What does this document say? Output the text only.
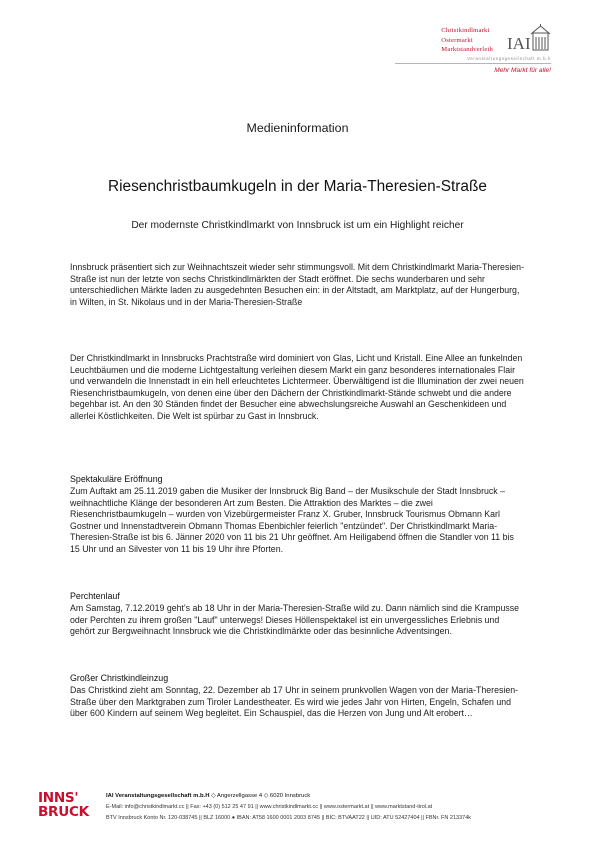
Christkindlmarkt
Ostermarkt
Marktstandverleih
Veranstaltungsgesellschaft m.b.h
IAI
Mehr Markt für alle!
Medieninformation
Riesenchristbaumkugeln in der Maria-Theresien-Straße
Der modernste Christkindlmarkt von Innsbruck ist um ein Highlight reicher

Innsbruck präsentiert sich zur Weihnachtszeit wieder sehr stimmungsvoll. Mit dem Christkindlmarkt Maria-Theresien-Straße ist nun der letzte von sechs Christkindlmärkten der Stadt eröffnet. Die sechs wunderbaren und sehr unterschiedlichen Märkte laden zu ausgedehnten Besuchen ein: in der Altstadt, am Marktplatz, auf der Hungerburg, in Wilten, in St. Nikolaus und in der Maria-Theresien-Straße

Der Christkindlmarkt in Innsbrucks Prachtstraße wird dominiert von Glas, Licht und Kristall. Eine Allee an funkelnden Leuchtbäumen und die moderne Lichtgestaltung verleihen diesem Markt ein ganz besonderes internationales Flair und verwandeln die Innenstadt in ein hell erleuchtetes Lichtermeer. Überwältigend ist die Illumination der zwei neuen Riesenchristbaumkugeln, von denen eine über den Dächern der Christkindlmarkt-Stände schwebt und die andere begehbar ist. An den 30 Ständen findet der Besucher eine abwechslungsreiche Auswahl an Geschenkideen und allerlei Köstlichkeiten. Die Welt ist spürbar zu Gast in Innsbruck.

Spektakuläre Eröffnung

Zum Auftakt am 25.11.2019 gaben die Musiker der Innsbruck Big Band – der Musikschule der Stadt Innsbruck – weihnachtliche Klänge der besonderen Art zum Besten. Die Attraktion des Marktes – die zwei Riesenchristbaumkugeln – wurden von Vizebürgermeister Franz X. Gruber, Innsbruck Tourismus Obmann Karl Gostner und Innenstadtverein Obmann Thomas Ebenbichler feierlich "entzündet". Der Christkindlmarkt Maria-Theresien-Straße ist bis 6. Jänner 2020 von 11 bis 21 Uhr geöffnet. Am Heiligabend öffnen die Standler von 11 bis 15 Uhr und an Silvester von 11 bis 19 Uhr ihre Pforten.

Perchtenlauf

Am Samstag, 7.12.2019 geht's ab 18 Uhr in der Maria-Theresien-Straße wild zu. Dann nämlich sind die Krampusse oder Perchten zu ihrem großen "Lauf" unterwegs! Dieses Höllenspektakel ist ein unvergessliches Erlebnis und gehört zur Bergweihnacht Innsbruck wie die Christkindlmärkte oder das besinnliche Adventsingen.

Großer Christkindleinzug

Das Christkind zieht am Sonntag, 22. Dezember ab 17 Uhr in seinem prunkvollen Wagen von der Maria-Theresien-Straße über den Marktgraben zum Tiroler Landestheater. Es wird wie jedes Jahr von Hirten, Engeln, Schafen und über 600 Kindern auf seinem Weg begleitet. Ein Schauspiel, das die Herzen von Jung und Alt erobert…

INNS'
BRUCK
IAI Veranstaltungsgesellschaft m.b.H ◇ Angerzellgasse 4 ◇ 6020 Innsbruck
E-Mail: info@christkindlmarkt.cc || Fax: +43 (0) 512 25 47 91 || www.christkindlmarkt.cc || www.ostermarkt.at || www.marktstand-tirol.at
BTV Innsbruck Konto Nr. 120-038745 || BLZ 16000 ● IBAN: AT58 1600 0001 2003 8745 || BIC: BTVAAT22 || UID: ATU 52427404 || FBNr. FN 213374k
